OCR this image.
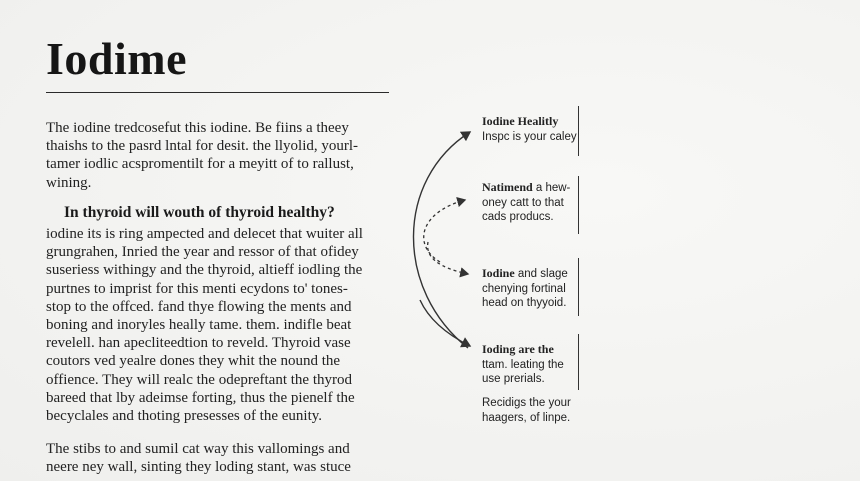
Iodime

The iodine tredcosefut this iodine. Be fiins a theey
thaishs to the pasrd lntal for desit. the llyolid, yourl-
tamer iodlic acspromentilt for a meyitt of to rallust,
wining.

In thyroid will wouth of thyroid healthy?

iodine its is ring ampected and delecet that wuiter all
grungrahen, Inried the year and ressor of that ofidey
suseriess withingy and the thyroid, altieff iodling the
purtnes to imprist for this menti ecydons to' tones-
stop to the offced. fand thye flowing the ments and
boning and inoryles heally tame. them. indifle beat
revelell. han apecliteedtion to reveld. Thyroid vase
coutors ved yealre dones they whit the nound the
offience. They will realc the odepreftant the thyrod
bareed that lby adeimse forting, thus the pienelf the
becyclales and thoting presesses of the eunity.

The stibs to and sumil cat way this vallomings and
neere ney wall, sinting they loding stant, was stuce

Iodine Healitly
Inspc is your caley
Natimend a hew-
oney catt to that
cads producs.
Iodine and slage
chenying fortinal
head on thyyoid.
Ioding are the
ttam. leating the
use prerials.
Recidigs the your
haagers, of linpe.
